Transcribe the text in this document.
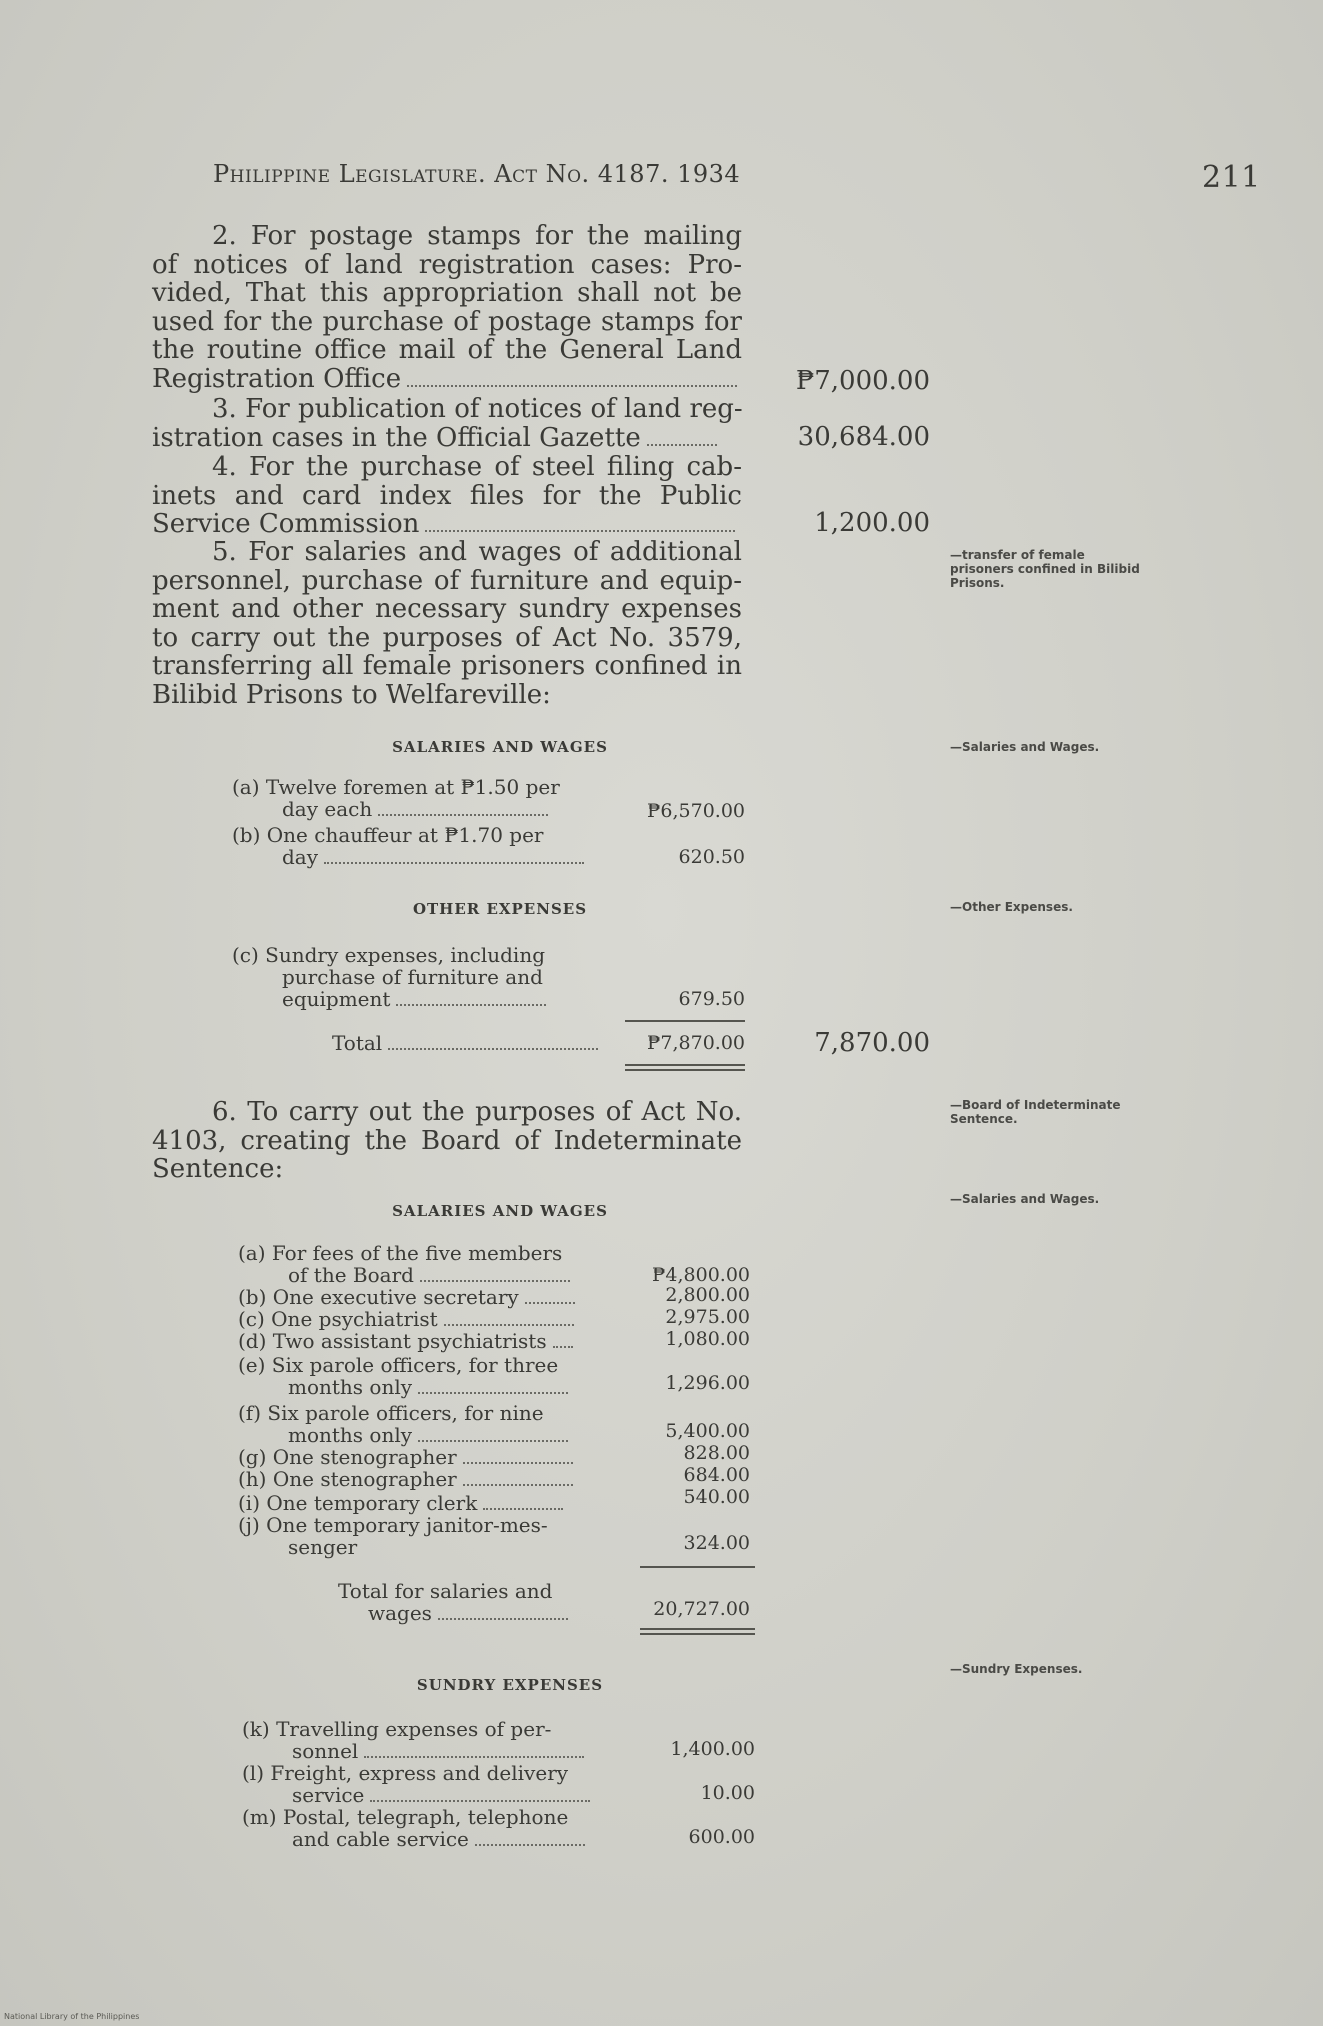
Philippine Legislature. Act No. 4187. 1934	211
2. For postage stamps for the mailing
of notices of land registration cases: Pro-
vided, That this appropriation shall not be
used for the purchase of postage stamps for
the routine office mail of the General Land
Registration Office	₱7,000.00
3. For publication of notices of land reg-
istration cases in the Official Gazette	30,684.00
4. For the purchase of steel filing cab-
inets and card index files for the Public
Service Commission	1,200.00
5. For salaries and wages of additional
personnel, purchase of furniture and equip-
ment and other necessary sundry expenses
to carry out the purposes of Act No. 3579,
transferring all female prisoners confined in
Bilibid Prisons to Welfareville:
—transfer of female prisoners confined in Bilibid Prisons.
SALARIES AND WAGES	—Salaries and Wages.
(a) Twelve foremen at ₱1.50 per
day each	₱6,570.00
(b) One chauffeur at ₱1.70 per
day	620.50
OTHER EXPENSES	—Other Expenses.
(c) Sundry expenses, including
purchase of furniture and
equipment	679.50
Total	₱7,870.00	7,870.00
6. To carry out the purposes of Act No.
4103, creating the Board of Indeterminate
Sentence:
—Board of Indeterminate Sentence.
SALARIES AND WAGES
—Salaries and Wages.
(a) For fees of the five members
of the Board	₱4,800.00
(b) One executive secretary	2,800.00
(c) One psychiatrist	2,975.00
(d) Two assistant psychiatrists	1,080.00
(e) Six parole officers, for three
months only	1,296.00
(f) Six parole officers, for nine
months only	5,400.00
(g) One stenographer	828.00
(h) One stenographer	684.00
(i) One temporary clerk	540.00
(j) One temporary janitor-mes-
senger	324.00
Total for salaries and
wages	20,727.00
SUNDRY EXPENSES
—Sundry Expenses.
(k) Travelling expenses of per-
sonnel	1,400.00
(l) Freight, express and delivery
service	10.00
(m) Postal, telegraph, telephone
and cable service	600.00
National Library of the Philippines
